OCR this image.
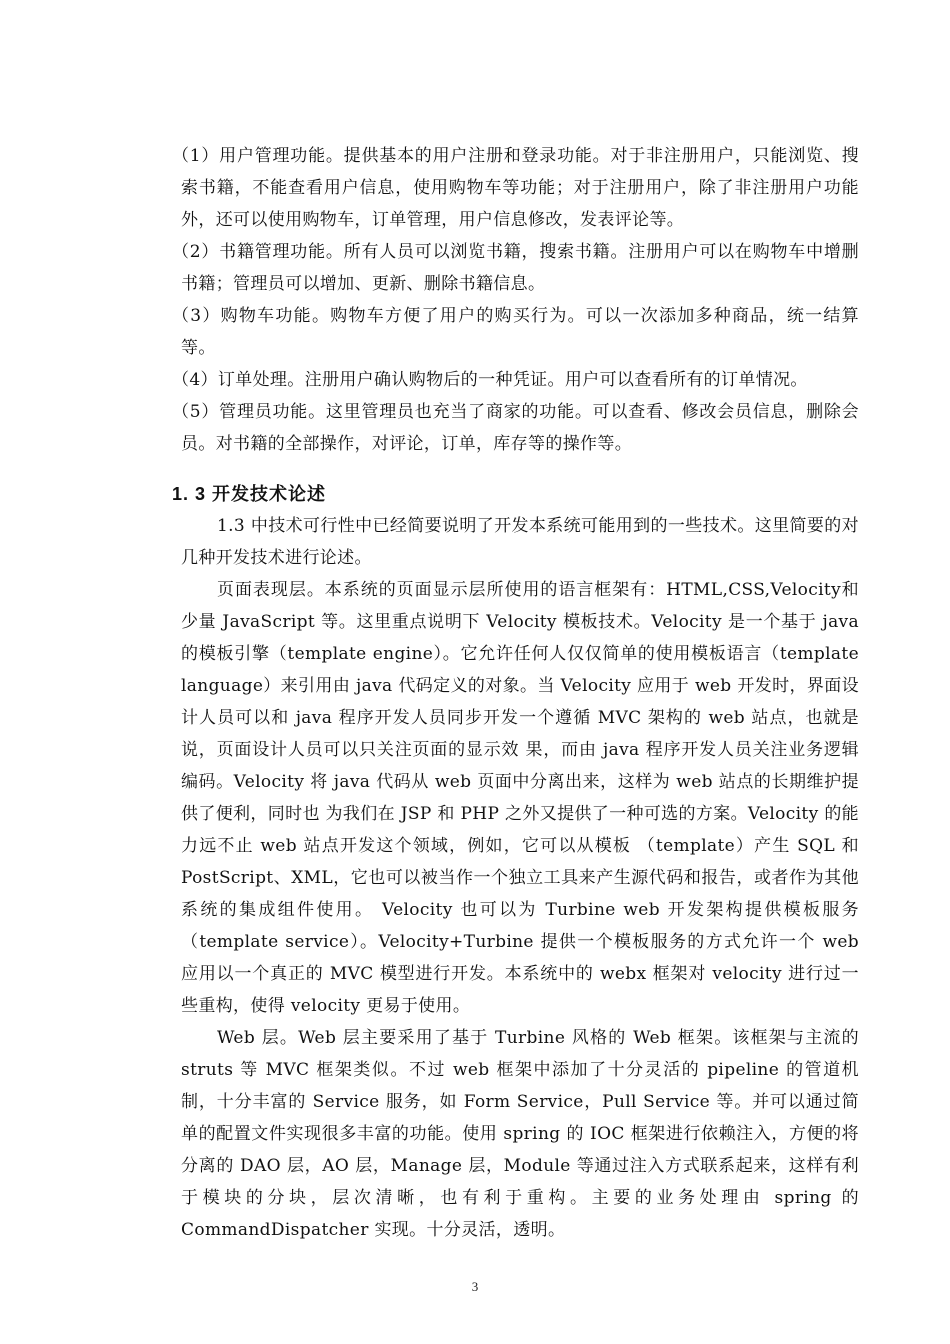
（1）用户管理功能。提供基本的用户注册和登录功能。对于非注册用户，只能浏览、搜索书籍，不能查看用户信息，使用购物车等功能；对于注册用户，除了非注册用户功能外，还可以使用购物车，订单管理，用户信息修改，发表评论等。

（2）书籍管理功能。所有人员可以浏览书籍，搜索书籍。注册用户可以在购物车中增删书籍；管理员可以增加、更新、删除书籍信息。

（3）购物车功能。购物车方便了用户的购买行为。可以一次添加多种商品，统一结算等。

（4）订单处理。注册用户确认购物后的一种凭证。用户可以查看所有的订单情况。

（5）管理员功能。这里管理员也充当了商家的功能。可以查看、修改会员信息，删除会员。对书籍的全部操作，对评论，订单，库存等的操作等。

1. 3 开发技术论述

1.3 中技术可行性中已经简要说明了开发本系统可能用到的一些技术。这里简要的对几种开发技术进行论述。

页面表现层。本系统的页面显示层所使用的语言框架有：HTML,CSS,Velocity和少量 JavaScript 等。这里重点说明下 Velocity 模板技术。Velocity 是一个基于 java 的模板引擎（template engine）。它允许任何人仅仅简单的使用模板语言（template language）来引用由 java 代码定义的对象。当 Velocity 应用于 web 开发时，界面设计人员可以和 java 程序开发人员同步开发一个遵循 MVC 架构的 web 站点，也就是说，页面设计人员可以只关注页面的显示效 果，而由 java 程序开发人员关注业务逻辑编码。Velocity 将 java 代码从 web 页面中分离出来，这样为 web 站点的长期维护提供了便利，同时也 为我们在 JSP 和 PHP 之外又提供了一种可选的方案。Velocity 的能力远不止 web 站点开发这个领域，例如，它可以从模板 （template）产生 SQL 和 PostScript、XML，它也可以被当作一个独立工具来产生源代码和报告，或者作为其他系统的集成组件使用。 Velocity 也可以为 Turbine web 开发架构提供模板服务（template service）。Velocity+Turbine 提供一个模板服务的方式允许一个 web 应用以一个真正的 MVC 模型进行开发。本系统中的 webx 框架对 velocity 进行过一些重构，使得 velocity 更易于使用。

Web 层。Web 层主要采用了基于 Turbine 风格的 Web 框架。该框架与主流的 struts 等 MVC 框架类似。不过 web 框架中添加了十分灵活的 pipeline 的管道机制，十分丰富的 Service 服务，如 Form Service，Pull Service 等。并可以通过简单的配置文件实现很多丰富的功能。使用 spring 的 IOC 框架进行依赖注入，方便的将分离的 DAO 层，AO 层，Manage 层，Module 等通过注入方式联系起来，这样有利于模块的分块，层次清晰，也有利于重构。主要的业务处理由 spring 的 CommandDispatcher 实现。十分灵活，透明。

3
